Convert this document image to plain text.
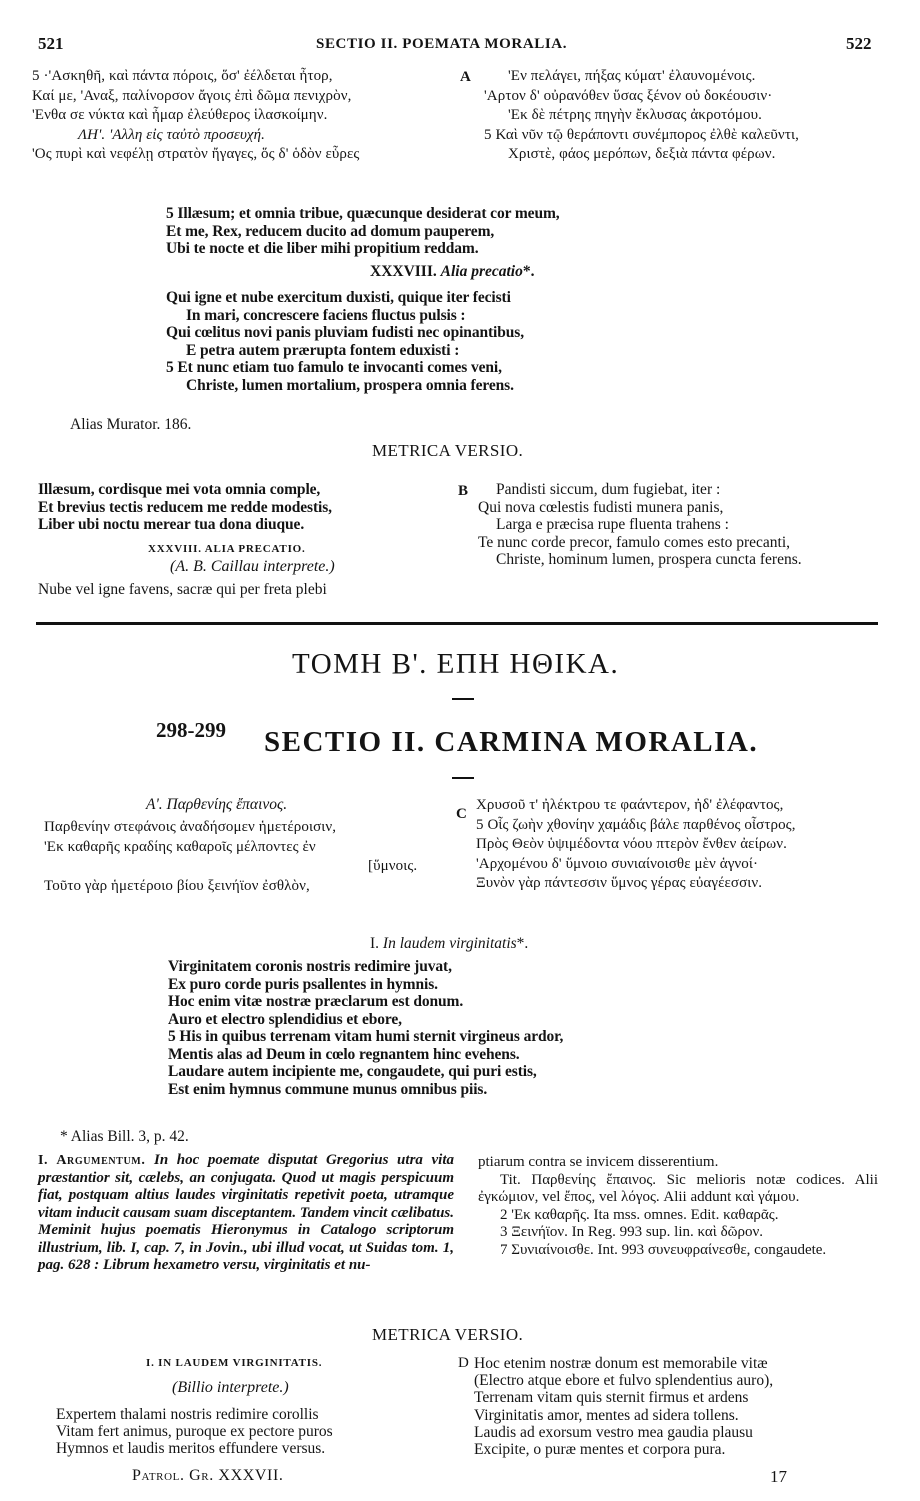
521	SECTIO II. POEMATA MORALIA.	522
5 ·'Ασκηθῆ, καὶ πάντα πόροις, ὅσ' ἐέλδεται ἦτορ,
Καί με, 'Αναξ, παλίνορσον ἄγοις ἐπὶ δῶμα πενιχρὸν,
'Ενθα σε νύκτα καὶ ἦμαρ ἐλεύθερος ἱλασκοίμην.
ΛΗ'. 'Αλλη εἰς ταὐτὸ προσευχή.
'Ος πυρὶ καὶ νεφέλῃ στρατὸν ἤγαγες, ὅς δ' ὁδὸν εὗρες
A	'Εν πελάγει, πήξας κύματ' ἐλαυνομένοις.
'Αρτον δ' οὐρανόθεν ὕσας ξένον οὐ δοκέουσιν·
'Εκ δὲ πέτρης πηγὴν ἔκλυσας ἀκροτόμου.
5 Καὶ νῦν τῷ θεράποντι συνέμπορος ἐλθὲ καλεῦντι,
Χριστὲ, φάος μερόπων, δεξιὰ πάντα φέρων.
5 Illæsum; et omnia tribue, quæcunque desiderat cor meum,
Et me, Rex, reducem ducito ad domum pauperem,
Ubi te nocte et die liber mihi propitium reddam.
XXXVIII. Alia precatio*.
Qui igne et nube exercitum duxisti, quique iter fecisti
In mari, concrescere faciens fluctus pulsis :
Qui cœlitus novi panis pluviam fudisti nec opinantibus,
E petra autem prærupta fontem eduxisti :
5 Et nunc etiam tuo famulo te invocanti comes veni,
Christe, lumen mortalium, prospera omnia ferens.
Alias Murator. 186.
METRICA VERSIO.
Illæsum, cordisque mei vota omnia comple,
Et brevius tectis reducem me redde modestis,
Liber ubi noctu merear tua dona diuque.
XXXVIII. ALIA PRECATIO.
(A. B. Caillau interprete.)
Nube vel igne favens, sacræ qui per freta plebi
B	Pandisti siccum, dum fugiebat, iter :
Qui nova cœlestis fudisti munera panis,
Larga e præcisa rupe fluenta trahens :
Te nunc corde precor, famulo comes esto precanti,
Christe, hominum lumen, prospera cuncta ferens.
ΤΟΜΗ Β'. ΕΠΗ ΗΘΙΚΑ.
298-299 SECTIO II. CARMINA MORALIA.
Α'. Παρθενίης ἔπαινος.
Παρθενίην στεφάνοις ἀναδήσομεν ἡμετέροισιν,
'Εκ καθαρῆς κραδίης καθαροῖς μέλποντες ἐν
[ὕμνοις.
Τοῦτο γὰρ ἡμετέροιο βίου ξεινήϊον ἐσθλὸν,
C
Χρυσοῦ τ' ἠλέκτρου τε φαάντερον, ἠδ' ἐλέφαντος,
5 Οἷς ζωὴν χθονίην χαμάδις βάλε παρθένος οἶστρος,
Πρὸς Θεὸν ὑψιμέδοντα νόου πτερὸν ἔνθεν ἀείρων.
'Αρχομένου δ' ὕμνοιο συνιαίνοισθε μὲν ἁγνοί·
Ξυνὸν γὰρ πάντεσσιν ὕμνος γέρας εὐαγέεσσιν.
I. In laudem virginitatis*.
Virginitatem coronis nostris redimire juvat,
Ex puro corde puris psallentes in hymnis.
Hoc enim vitæ nostræ præclarum est donum.
Auro et electro splendidius et ebore,
5 His in quibus terrenam vitam humi sternit virgineus ardor,
Mentis alas ad Deum in cœlo regnantem hinc evehens.
Laudare autem incipiente me, congaudete, qui puri estis,
Est enim hymnus commune munus omnibus piis.
* Alias Bill. 3, p. 42.
I. Argumentum. In hoc poemate disputat Gregorius utra vita præstantior sit, cælebs, an conjugata. Quod ut magis perspicuum fiat, postquam altius laudes virginitatis repetivit poeta, utramque vitam inducit causam suam disceptantem. Tandem vincit cælibatus. Meminit hujus poematis Hieronymus in Catalogo scriptorum illustrium, lib. I, cap. 7, in Jovin., ubi illud vocat, ut Suidas tom. 1, pag. 628 : Librum hexametro versu, virginitatis et nu-
ptiarum contra se invicem disserentium.
Tit. Παρθενίης ἔπαινος. Sic melioris notæ codices. Alii ἐγκώμιον, vel ἔπος, vel λόγος. Alii addunt καὶ γάμου.
2 'Εκ καθαρῆς. Ita mss. omnes. Edit. καθαρᾶς.
3 Ξεινήϊον. In Reg. 993 sup. lin. καὶ δῶρον.
7 Συνιαίνοισθε. Int. 993 συνευφραίνεσθε, congaudete.
METRICA VERSIO.
I. IN LAUDEM VIRGINITATIS.
(Billio interprete.)
Expertem thalami nostris redimire corollis
Vitam fert animus, puroque ex pectore puros
Hymnos et laudis meritos effundere versus.
D Hoc etenim nostræ donum est memorabile vitæ
(Electro atque ebore et fulvo splendentius auro),
Terrenam vitam quis sternit firmus et ardens
Virginitatis amor, mentes ad sidera tollens.
Laudis ad exorsum vestro mea gaudia plausu
Excipite, o puræ mentes et corpora pura.
Patrol. Gr. XXXVII.	17
